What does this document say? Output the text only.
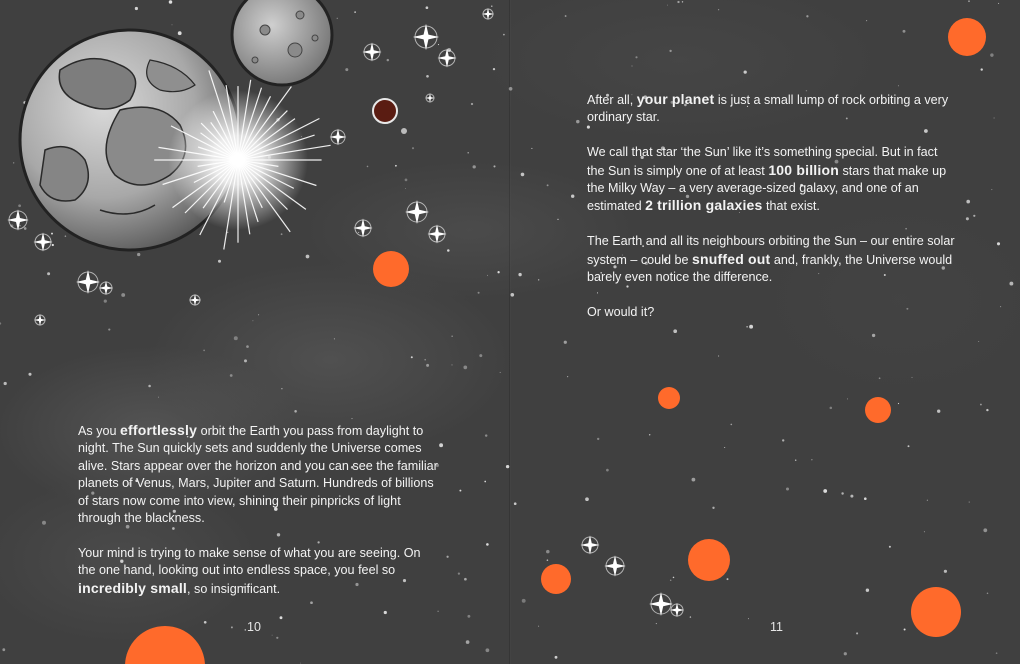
As you effortlessly orbit the Earth you pass from daylight to night. The Sun quickly sets and suddenly the Universe comes alive. Stars appear over the horizon and you can see the familiar planets of Venus, Mars, Jupiter and Saturn. Hundreds of billions of stars now come into view, shining their pinpricks of light through the blackness.

Your mind is trying to make sense of what you are seeing. On the one hand, looking out into endless space, you feel so incredibly small, so insignificant.

After all, your planet is just a small lump of rock orbiting a very ordinary star.

We call that star ‘the Sun’ like it’s something special. But in fact the Sun is simply one of at least 100 billion stars that make up the Milky Way – a very average-sized galaxy, and one of an estimated 2 trillion galaxies that exist.

The Earth and all its neighbours orbiting the Sun – our entire solar system – could be snuffed out and, frankly, the Universe would barely even notice the difference.

Or would it?

10	11
